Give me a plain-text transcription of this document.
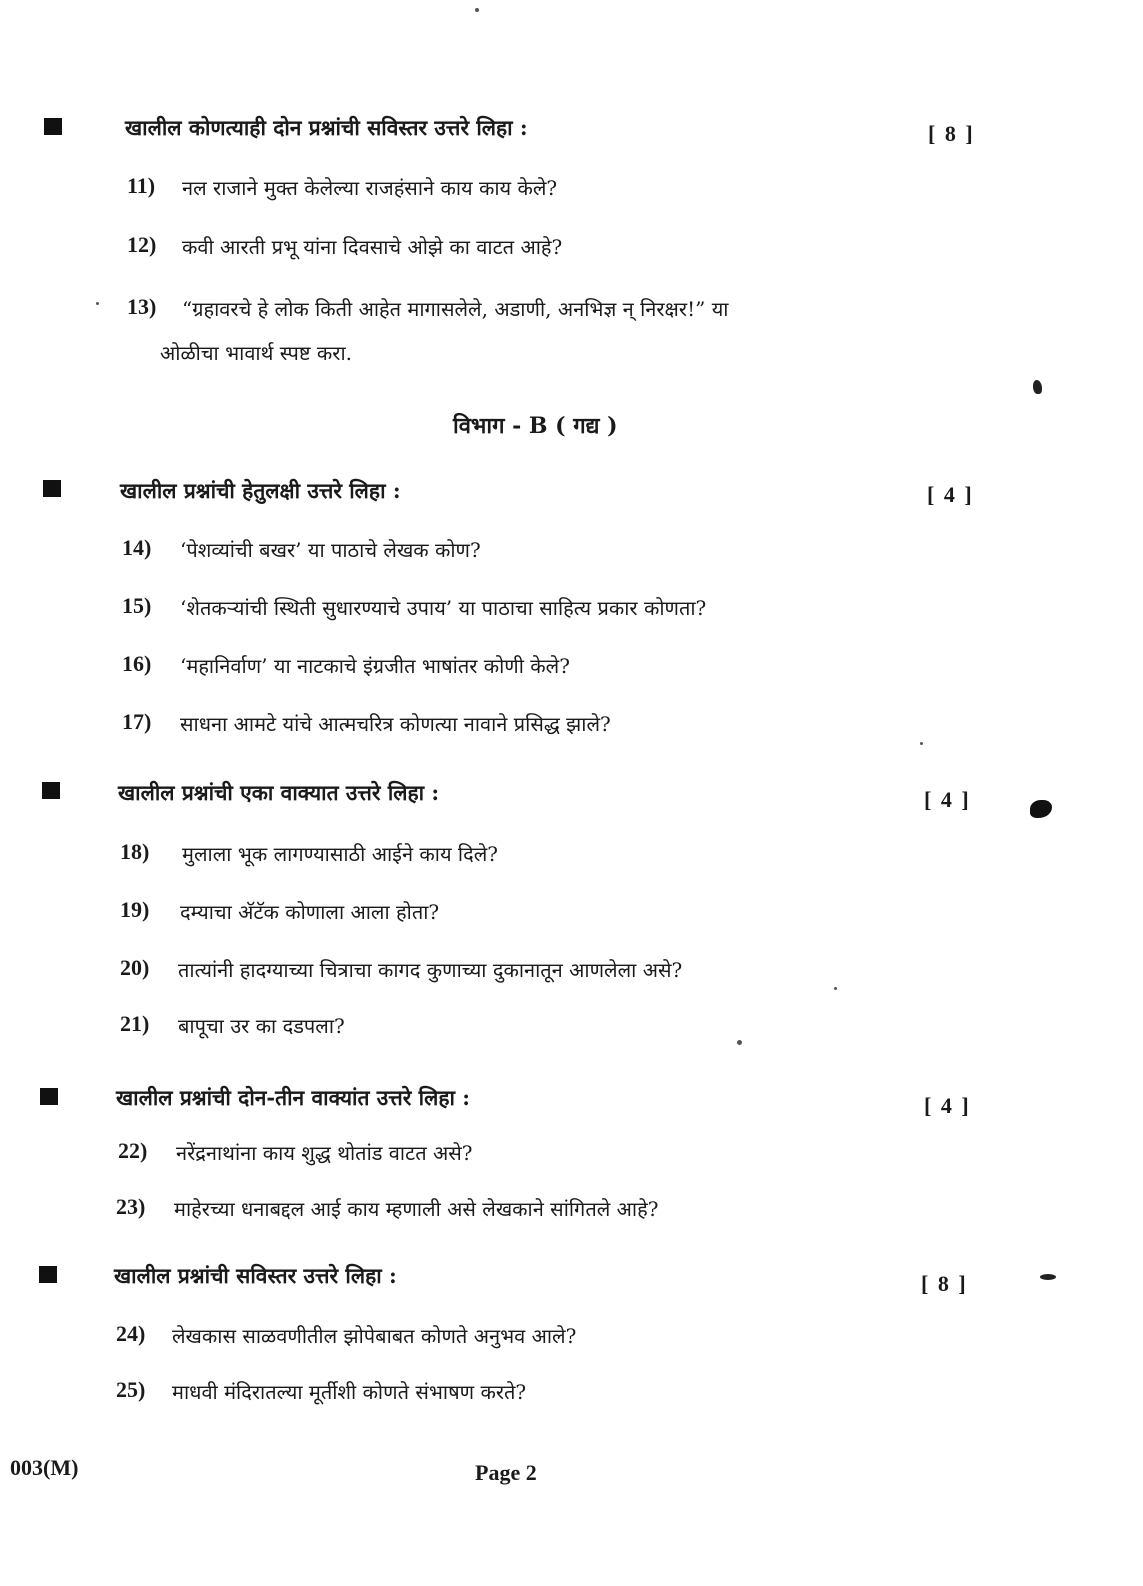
खालील कोणत्याही दोन प्रश्नांची सविस्तर उत्तरे लिहा :	[ 8 ]
11) नल राजाने मुक्त केलेल्या राजहंसाने काय काय केले?
12) कवी आरती प्रभू यांना दिवसाचे ओझे का वाटत आहे?
13) “ग्रहावरचे हे लोक किती आहेत मागासलेले, अडाणी, अनभिज्ञ न् निरक्षर!” या
ओळीचा भावार्थ स्पष्ट करा.
विभाग - B ( गद्य )
खालील प्रश्नांची हेतुलक्षी उत्तरे लिहा :	[ 4 ]
14) ‘पेशव्यांची बखर’ या पाठाचे लेखक कोण?
15) ‘शेतकऱ्यांची स्थिती सुधारण्याचे उपाय’ या पाठाचा साहित्य प्रकार कोणता?
16) ‘महानिर्वाण’ या नाटकाचे इंग्रजीत भाषांतर कोणी केले?
17) साधना आमटे यांचे आत्मचरित्र कोणत्या नावाने प्रसिद्ध झाले?
खालील प्रश्नांची एका वाक्यात उत्तरे लिहा :	[ 4 ]
18) मुलाला भूक लागण्यासाठी आईने काय दिले?
19) दम्याचा अ‍ॅटॅक कोणाला आला होता?
20) तात्यांनी हादग्याच्या चित्राचा कागद कुणाच्या दुकानातून आणलेला असे?
21) बापूचा उर का दडपला?
खालील प्रश्नांची दोन-तीन वाक्यांत उत्तरे लिहा :	[ 4 ]
22) नरेंद्रनाथांना काय शुद्ध थोतांड वाटत असे?
23) माहेरच्या धनाबद्दल आई काय म्हणाली असे लेखकाने सांगितले आहे?
खालील प्रश्नांची सविस्तर उत्तरे लिहा :	[ 8 ]
24) लेखकास साळवणीतील झोपेबाबत कोणते अनुभव आले?
25) माधवी मंदिरातल्या मूर्तीशी कोणते संभाषण करते?
003(M)	Page 2
